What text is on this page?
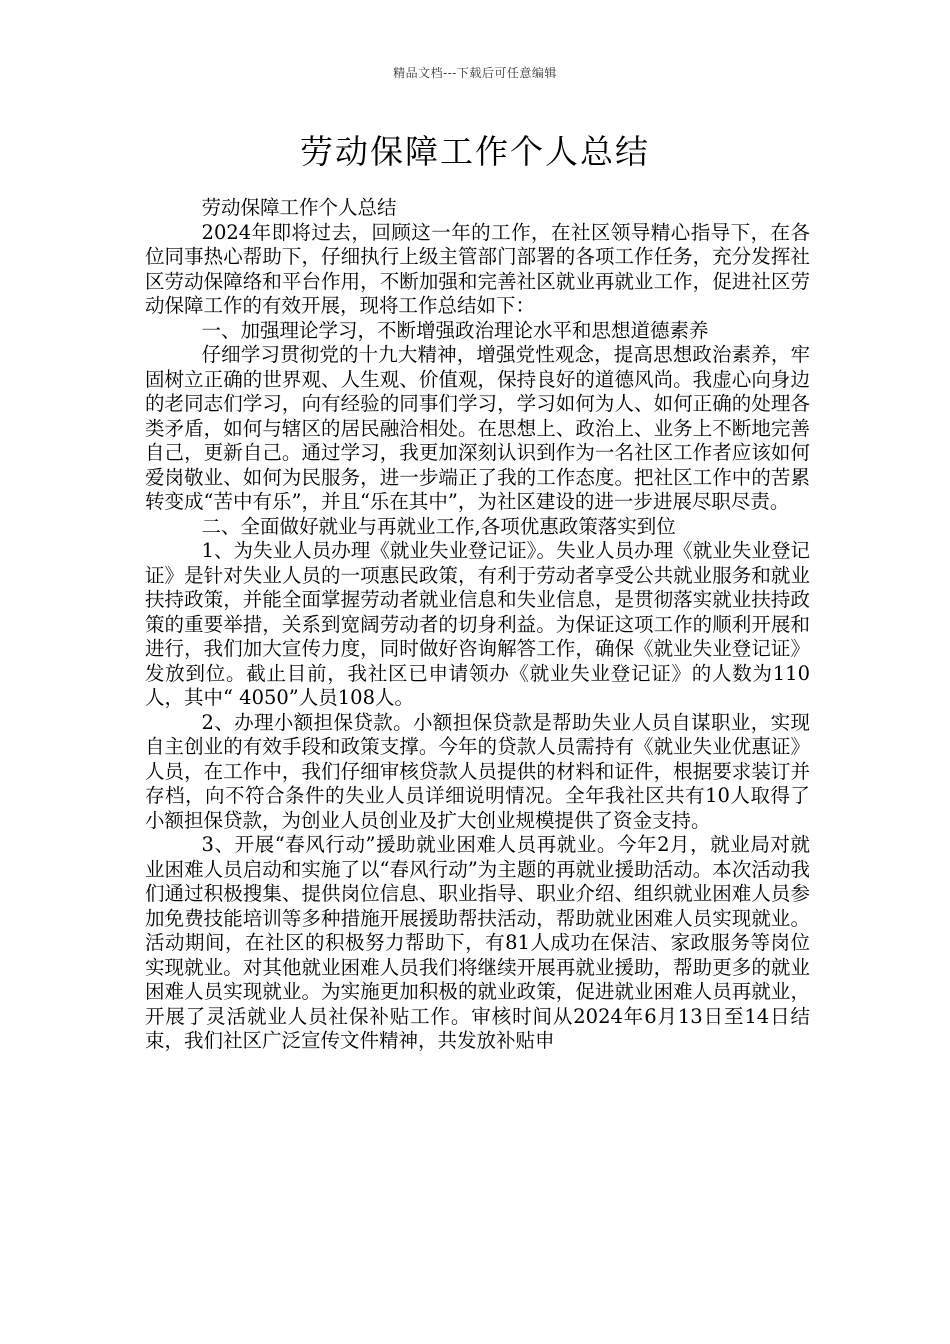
精品文档---下载后可任意编辑
劳动保障工作个人总结

劳动保障工作个人总结

2024年即将过去，回顾这一年的工作，在社区领导精心指导下，在各位同事热心帮助下，仔细执行上级主管部门部署的各项工作任务，充分发挥社区劳动保障络和平台作用，不断加强和完善社区就业再就业工作，促进社区劳动保障工作的有效开展，现将工作总结如下：

一、加强理论学习，不断增强政治理论水平和思想道德素养

仔细学习贯彻党的十九大精神，增强党性观念，提高思想政治素养，牢固树立正确的世界观、人生观、价值观，保持良好的道德风尚。我虚心向身边的老同志们学习，向有经验的同事们学习，学习如何为人、如何正确的处理各类矛盾，如何与辖区的居民融洽相处。在思想上、政治上、业务上不断地完善自己，更新自己。通过学习，我更加深刻认识到作为一名社区工作者应该如何爱岗敬业、如何为民服务，进一步端正了我的工作态度。把社区工作中的苦累转变成“苦中有乐”，并且“乐在其中”，为社区建设的进一步进展尽职尽责。

二、全面做好就业与再就业工作,各项优惠政策落实到位

1、为失业人员办理《就业失业登记证》。失业人员办理《就业失业登记证》是针对失业人员的一项惠民政策，有利于劳动者享受公共就业服务和就业扶持政策，并能全面掌握劳动者就业信息和失业信息，是贯彻落实就业扶持政策的重要举措，关系到宽阔劳动者的切身利益。为保证这项工作的顺利开展和进行，我们加大宣传力度，同时做好咨询解答工作，确保《就业失业登记证》发放到位。截止目前，我社区已申请领办《就业失业登记证》的人数为110人，其中“ 4050”人员108人。

2、办理小额担保贷款。小额担保贷款是帮助失业人员自谋职业，实现自主创业的有效手段和政策支撑。今年的贷款人员需持有《就业失业优惠证》人员，在工作中，我们仔细审核贷款人员提供的材料和证件，根据要求装订并存档，向不符合条件的失业人员详细说明情况。全年我社区共有10人取得了小额担保贷款，为创业人员创业及扩大创业规模提供了资金支持。

3、开展“春风行动”援助就业困难人员再就业。今年2月，就业局对就业困难人员启动和实施了以“春风行动”为主题的再就业援助活动。本次活动我们通过积极搜集、提供岗位信息、职业指导、职业介绍、组织就业困难人员参加免费技能培训等多种措施开展援助帮扶活动，帮助就业困难人员实现就业。活动期间，在社区的积极努力帮助下，有81人成功在保洁、家政服务等岗位实现就业。对其他就业困难人员我们将继续开展再就业援助，帮助更多的就业困难人员实现就业。为实施更加积极的就业政策，促进就业困难人员再就业，开展了灵活就业人员社保补贴工作。审核时间从2024年6月13日至14日结束，我们社区广泛宣传文件精神，共发放补贴申
